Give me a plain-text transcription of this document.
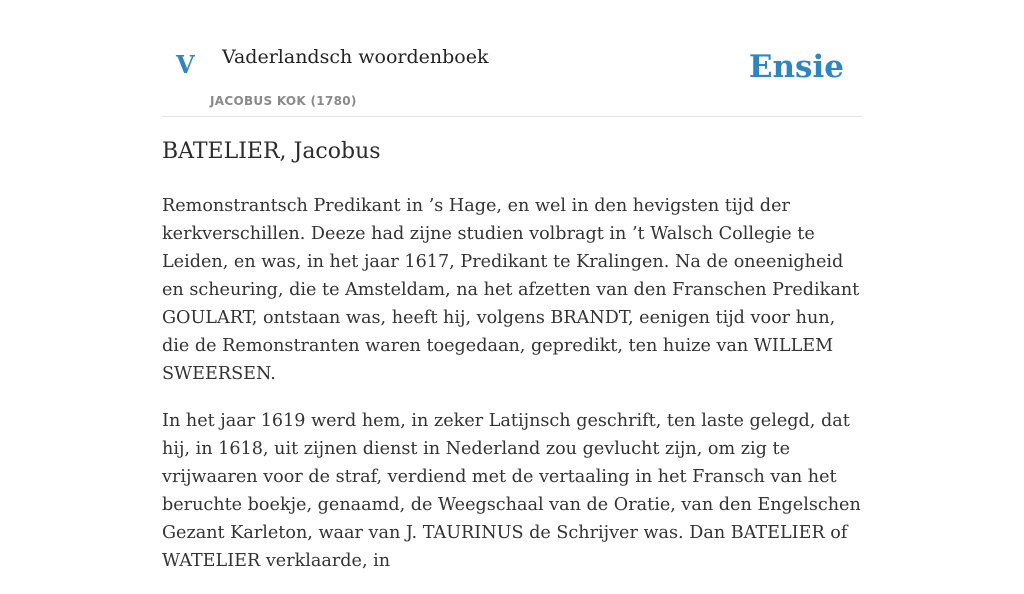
V Vaderlandsch woordenboek
JACOBUS KOK (1780)
Ensie
BATELIER, Jacobus

Remonstrantsch Predikant in ’s Hage, en wel in den hevigsten tijd der kerkverschillen. Deeze had zijne studien volbragt in ’t Walsch Collegie te Leiden, en was, in het jaar 1617, Predikant te Kralingen. Na de oneenigheid en scheuring, die te Amsteldam, na het afzetten van den Franschen Predikant GOULART, ontstaan was, heeft hij, volgens BRANDT, eenigen tijd voor hun, die de Remonstranten waren toegedaan, gepredikt, ten huize van WILLEM SWEERSEN.

In het jaar 1619 werd hem, in zeker Latijnsch geschrift, ten laste gelegd, dat hij, in 1618, uit zijnen dienst in Nederland zou gevlucht zijn, om zig te vrijwaaren voor de straf, verdiend met de vertaaling in het Fransch van het beruchte boekje, genaamd, de Weegschaal van de Oratie, van den Engelschen Gezant Karleton, waar van J. TAURINUS de Schrijver was. Dan BATELIER of WATELIER verklaarde, in
